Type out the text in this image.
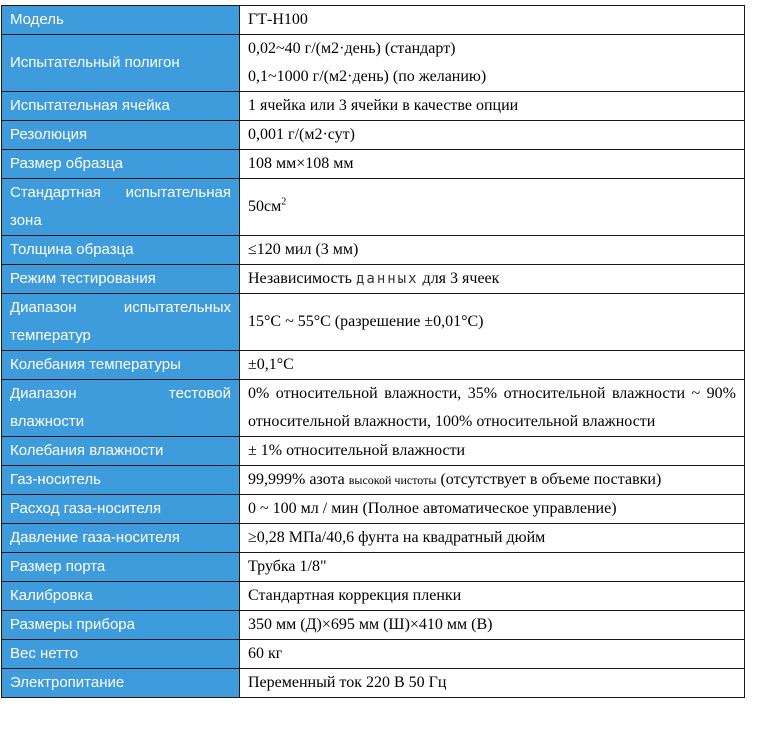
Модель	ГТ-Н100
Испытательный полигон	0,02~40 г/(м2·день) (стандарт)
0,1~1000 г/(м2·день) (по желанию)

Испытательная ячейка	1 ячейка или 3 ячейки в качестве опции
Резолюция	0,001 г/(м2·сут)
Размер образца	108 мм×108 мм

Стандартная испытательная
зона	$50см^2$
Толщина образца	≤120 мил (3 мм)
Режим тестирования	Независимость данных для 3 ячеек

Диапазон испытательных
температур	15°C ~ 55°C (разрешение ±0,01°C)
Колебания температуры	±0,1°C

Диапазон тестовой
влажности	0% относительной влажности, 35% относительной влажности ~ 90% относительной влажности, 100% относительной влажности
Колебания влажности	± 1% относительной влажности
Газ-носитель	99,999% азота высокой чистоты (отсутствует в объеме поставки)
Расход газа-носителя	0 ~ 100 мл / мин (Полное автоматическое управление)
Давление газа-носителя	≥0,28 МПа/40,6 фунта на квадратный дюйм
Размер порта	Трубка 1/8"
Калибровка	Стандартная коррекция пленки
Размеры прибора	350 мм (Д)×695 мм (Ш)×410 мм (В)
Вес нетто	60 кг
Электропитание	Переменный ток 220 В 50 Гц
